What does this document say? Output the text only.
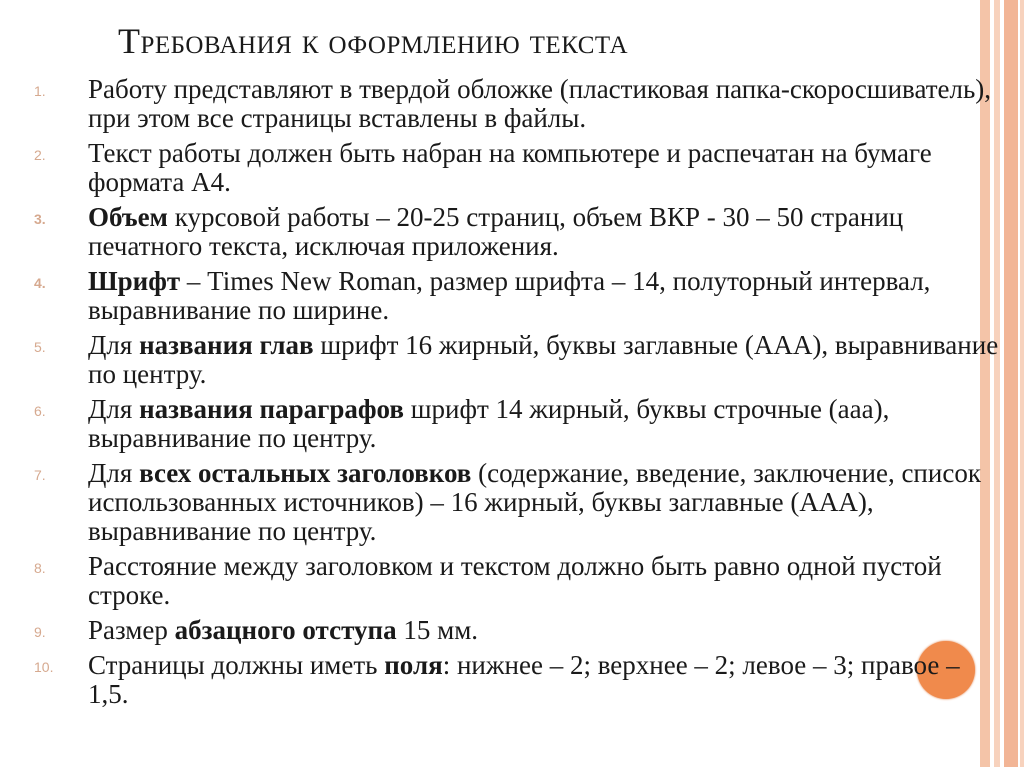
Требования к оформлению текста
1. Работу представляют в твердой обложке (пластиковая папка-скоросшиватель), при этом все страницы вставлены в файлы.
2. Текст работы должен быть набран на компьютере и распечатан на бумаге формата А4.
3. Объем курсовой работы – 20-25 страниц, объем ВКР - 30 – 50 страниц печатного текста, исключая приложения.
4. Шрифт – Times New Roman, размер шрифта – 14, полуторный интервал, выравнивание по ширине.
5. Для названия глав шрифт 16 жирный, буквы заглавные (ААА), выравнивание по центру.
6. Для названия параграфов шрифт 14 жирный, буквы строчные (ааа), выравнивание по центру.
7. Для всех остальных заголовков (содержание, введение, заключение, список использованных источников) – 16 жирный, буквы заглавные (ААА), выравнивание по центру.
8. Расстояние между заголовком и текстом должно быть равно одной пустой строке.
9. Размер абзацного отступа 15 мм.
10. Страницы должны иметь поля: нижнее – 2; верхнее – 2; левое – 3; правое – 1,5.
